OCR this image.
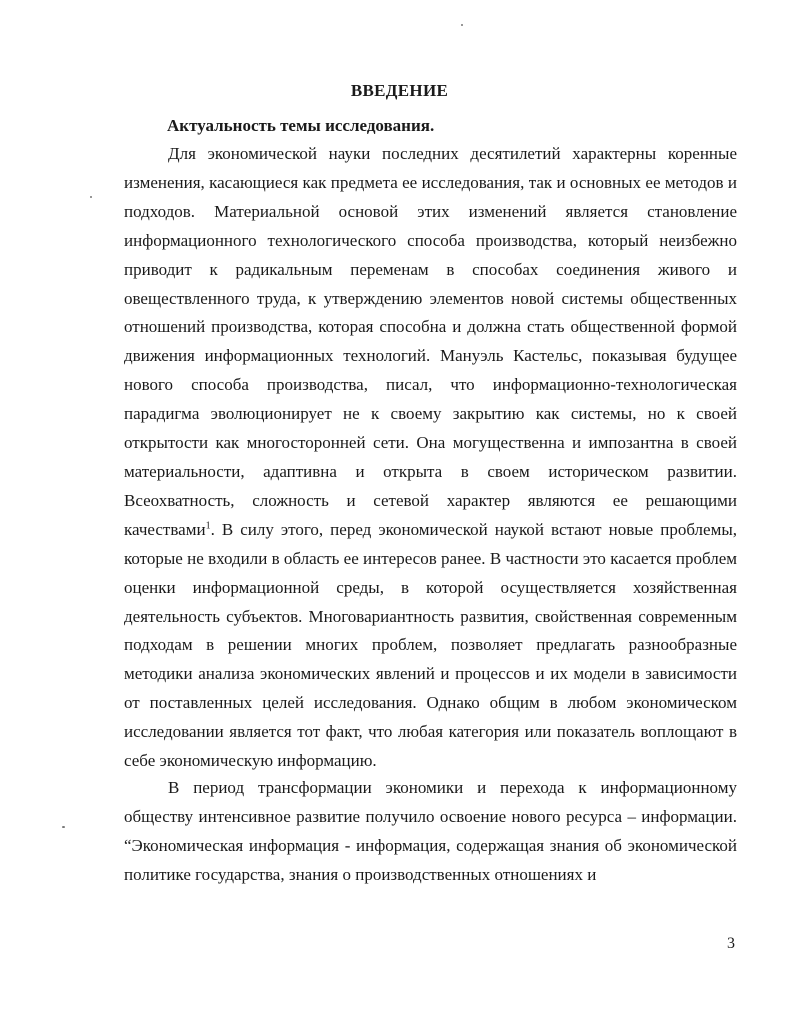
ВВЕДЕНИЕ
Актуальность темы исследования.

Для экономической науки последних десятилетий характерны коренные изменения, касающиеся как предмета ее исследования, так и основных ее методов и подходов. Материальной основой этих изменений является становление информационного технологического способа производства, который неизбежно приводит к радикальным переменам в способах соединения живого и овеществленного труда, к утверждению элементов новой системы общественных отношений производства, которая способна и должна стать общественной формой движения информационных технологий. Мануэль Кастельс, показывая будущее нового способа производства, писал, что информационно-технологическая парадигма эволюционирует не к своему закрытию как системы, но к своей открытости как многосторонней сети. Она могущественна и импозантна в своей материальности, адаптивна и открыта в своем историческом развитии. Всеохватность, сложность и сетевой характер являются ее решающими качествами$^1$. В силу этого, перед экономической наукой встают новые проблемы, которые не входили в область ее интересов ранее. В частности это касается проблем оценки информационной среды, в которой осуществляется хозяйственная деятельность субъектов. Многовариантность развития, свойственная современным подходам в решении многих проблем, позволяет предлагать разнообразные методики анализа экономических явлений и процессов и их модели в зависимости от поставленных целей исследования. Однако общим в любом экономическом исследовании является тот факт, что любая категория или показатель воплощают в себе экономическую информацию.

В период трансформации экономики и перехода к информационному обществу интенсивное развитие получило освоение нового ресурса – информации. “Экономическая информация - информация, содержащая знания об экономической политике государства, знания о производственных отношениях и

3
